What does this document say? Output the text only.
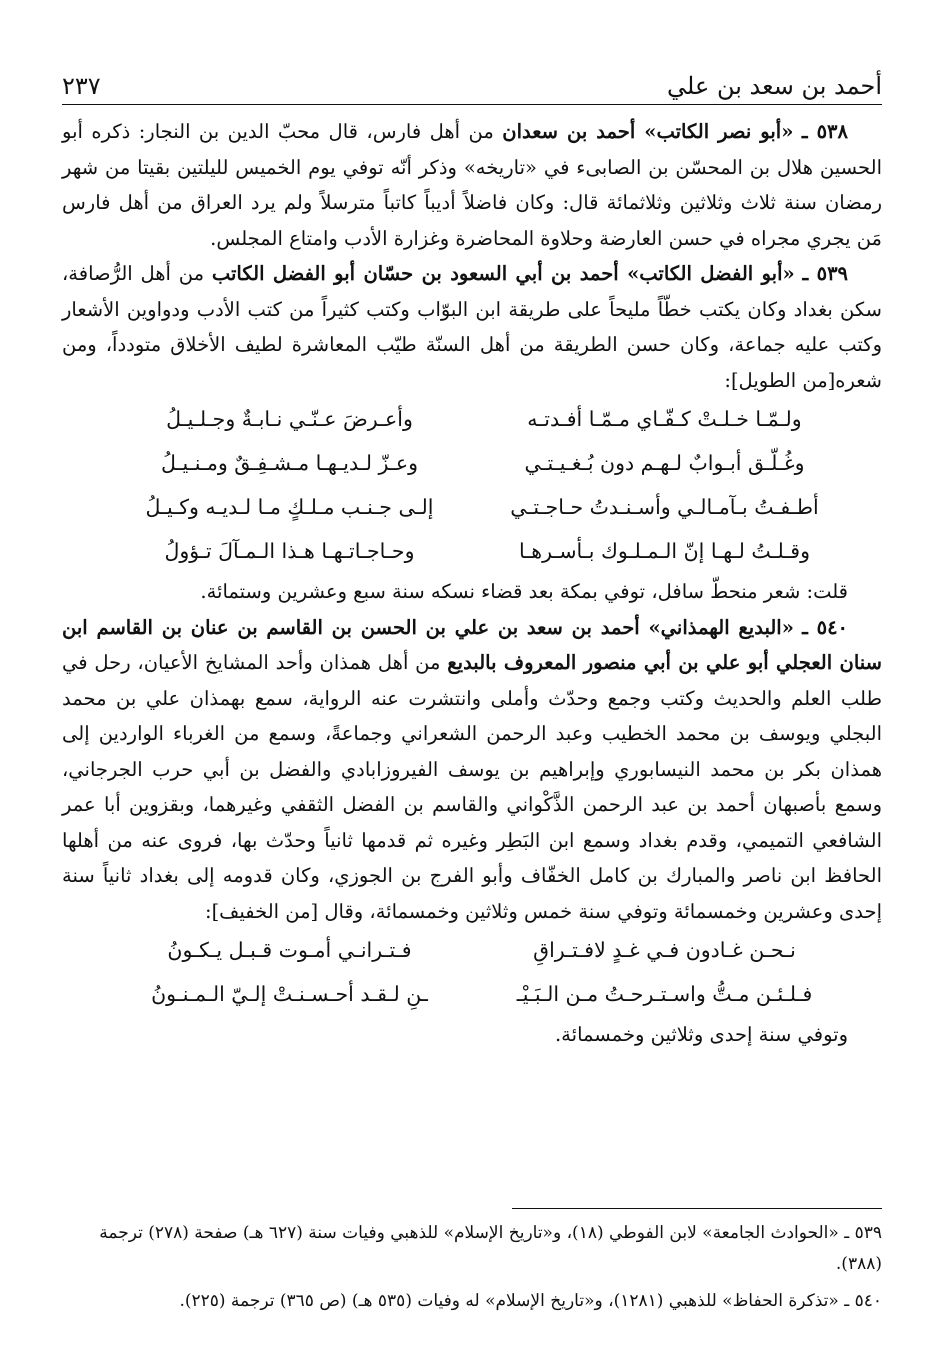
أحمد بن سعد بن علي
٢٣٧

٥٣٨ ـ «أبو نصر الكاتب» أحمد بن سعدان من أهل فارس، قال محبّ الدين بن النجار: ذكره أبو الحسين هلال بن المحسّن بن الصابىء في «تاريخه» وذكر أنّه توفي يوم الخميس لليلتين بقيتا من شهر رمضان سنة ثلاث وثلاثين وثلاثمائة قال: وكان فاضلاً أديباً كاتباً مترسلاً ولم يرد العراق من أهل فارس مَن يجري مجراه في حسن العارضة وحلاوة المحاضرة وغزارة الأدب وامتاع المجلس.

٥٣٩ ـ «أبو الفضل الكاتب» أحمد بن أبي السعود بن حسّان أبو الفضل الكاتب من أهل الرُّصافة، سكن بغداد وكان يكتب خطّاً مليحاً على طريقة ابن البوّاب وكتب كثيراً من كتب الأدب ودواوين الأشعار وكتب عليه جماعة، وكان حسن الطريقة من أهل السنّة طيّب المعاشرة لطيف الأخلاق متودداً، ومن شعره[من الطويل]:

ولـمّـا خـلـتْ كـفّـاي مـمّـا أفـدتـه
وأعـرضَ عـنّـي نـابـةٌ وجـلـيـلُ
وغُـلّـق أبـوابٌ لـهـم دون بُـغـيـتـي
وعـزّ لـديـهـا مـشـفِـقٌ ومـنـيـلُ
أطـفـتُ بـآمـالـي وأسـنـدتُ حـاجـتـي
إلـى جـنـب مـلـكٍ مـا لـديـه وكـيـلُ
وقـلـتُ لـهـا إنّ الـمـلـوك بـأسـرهـا
وحـاجـاتـهـا هـذا الـمـآلَ تـؤولُ

قلت: شعر منحطّ سافل، توفي بمكة بعد قضاء نسكه سنة سبع وعشرين وستمائة.

٥٤٠ ـ «البديع الهمذاني» أحمد بن سعد بن علي بن الحسن بن القاسم بن عنان بن القاسم ابن سنان العجلي أبو علي بن أبي منصور المعروف بالبديع من أهل همذان وأحد المشايخ الأعيان، رحل في طلب العلم والحديث وكتب وجمع وحدّث وأملى وانتشرت عنه الرواية، سمع بهمذان علي بن محمد البجلي ويوسف بن محمد الخطيب وعبد الرحمن الشعراني وجماعةً، وسمع من الغرباء الواردين إلى همذان بكر بن محمد النيسابوري وإبراهيم بن يوسف الفيروزابادي والفضل بن أبي حرب الجرجاني، وسمع بأصبهان أحمد بن عبد الرحمن الذَّكْواني والقاسم بن الفضل الثقفي وغيرهما، وبقزوين أبا عمر الشافعي التميمي، وقدم بغداد وسمع ابن البَطِر وغيره ثم قدمها ثانياً وحدّث بها، فروى عنه من أهلها الحافظ ابن ناصر والمبارك بن كامل الخفّاف وأبو الفرج بن الجوزي، وكان قدومه إلى بغداد ثانياً سنة إحدى وعشرين وخمسمائة وتوفي سنة خمس وثلاثين وخمسمائة، وقال [من الخفيف]:

نـحـن غـادون فـي غـدٍ لافـتـراقِ
فـتـرانـي أمـوت قـبـل يـكـونُ
فـلـئـن مـتُّ واسـتـرحـتُ مـن الـبَـيْـ
ـنِ لـقـد أحـسـنـتْ إلـيّ الـمـنـونُ

وتوفي سنة إحدى وثلاثين وخمسمائة.

٥٣٩ ـ «الحوادث الجامعة» لابن الفوطي (١٨)، و«تاريخ الإسلام» للذهبي وفيات سنة (٦٢٧ هـ) صفحة (٢٧٨) ترجمة (٣٨٨).

٥٤٠ ـ «تذكرة الحفاظ» للذهبي (١٢٨١)، و«تاريخ الإسلام» له وفيات (٥٣٥ هـ) (ص ٣٦٥) ترجمة (٢٢٥).
